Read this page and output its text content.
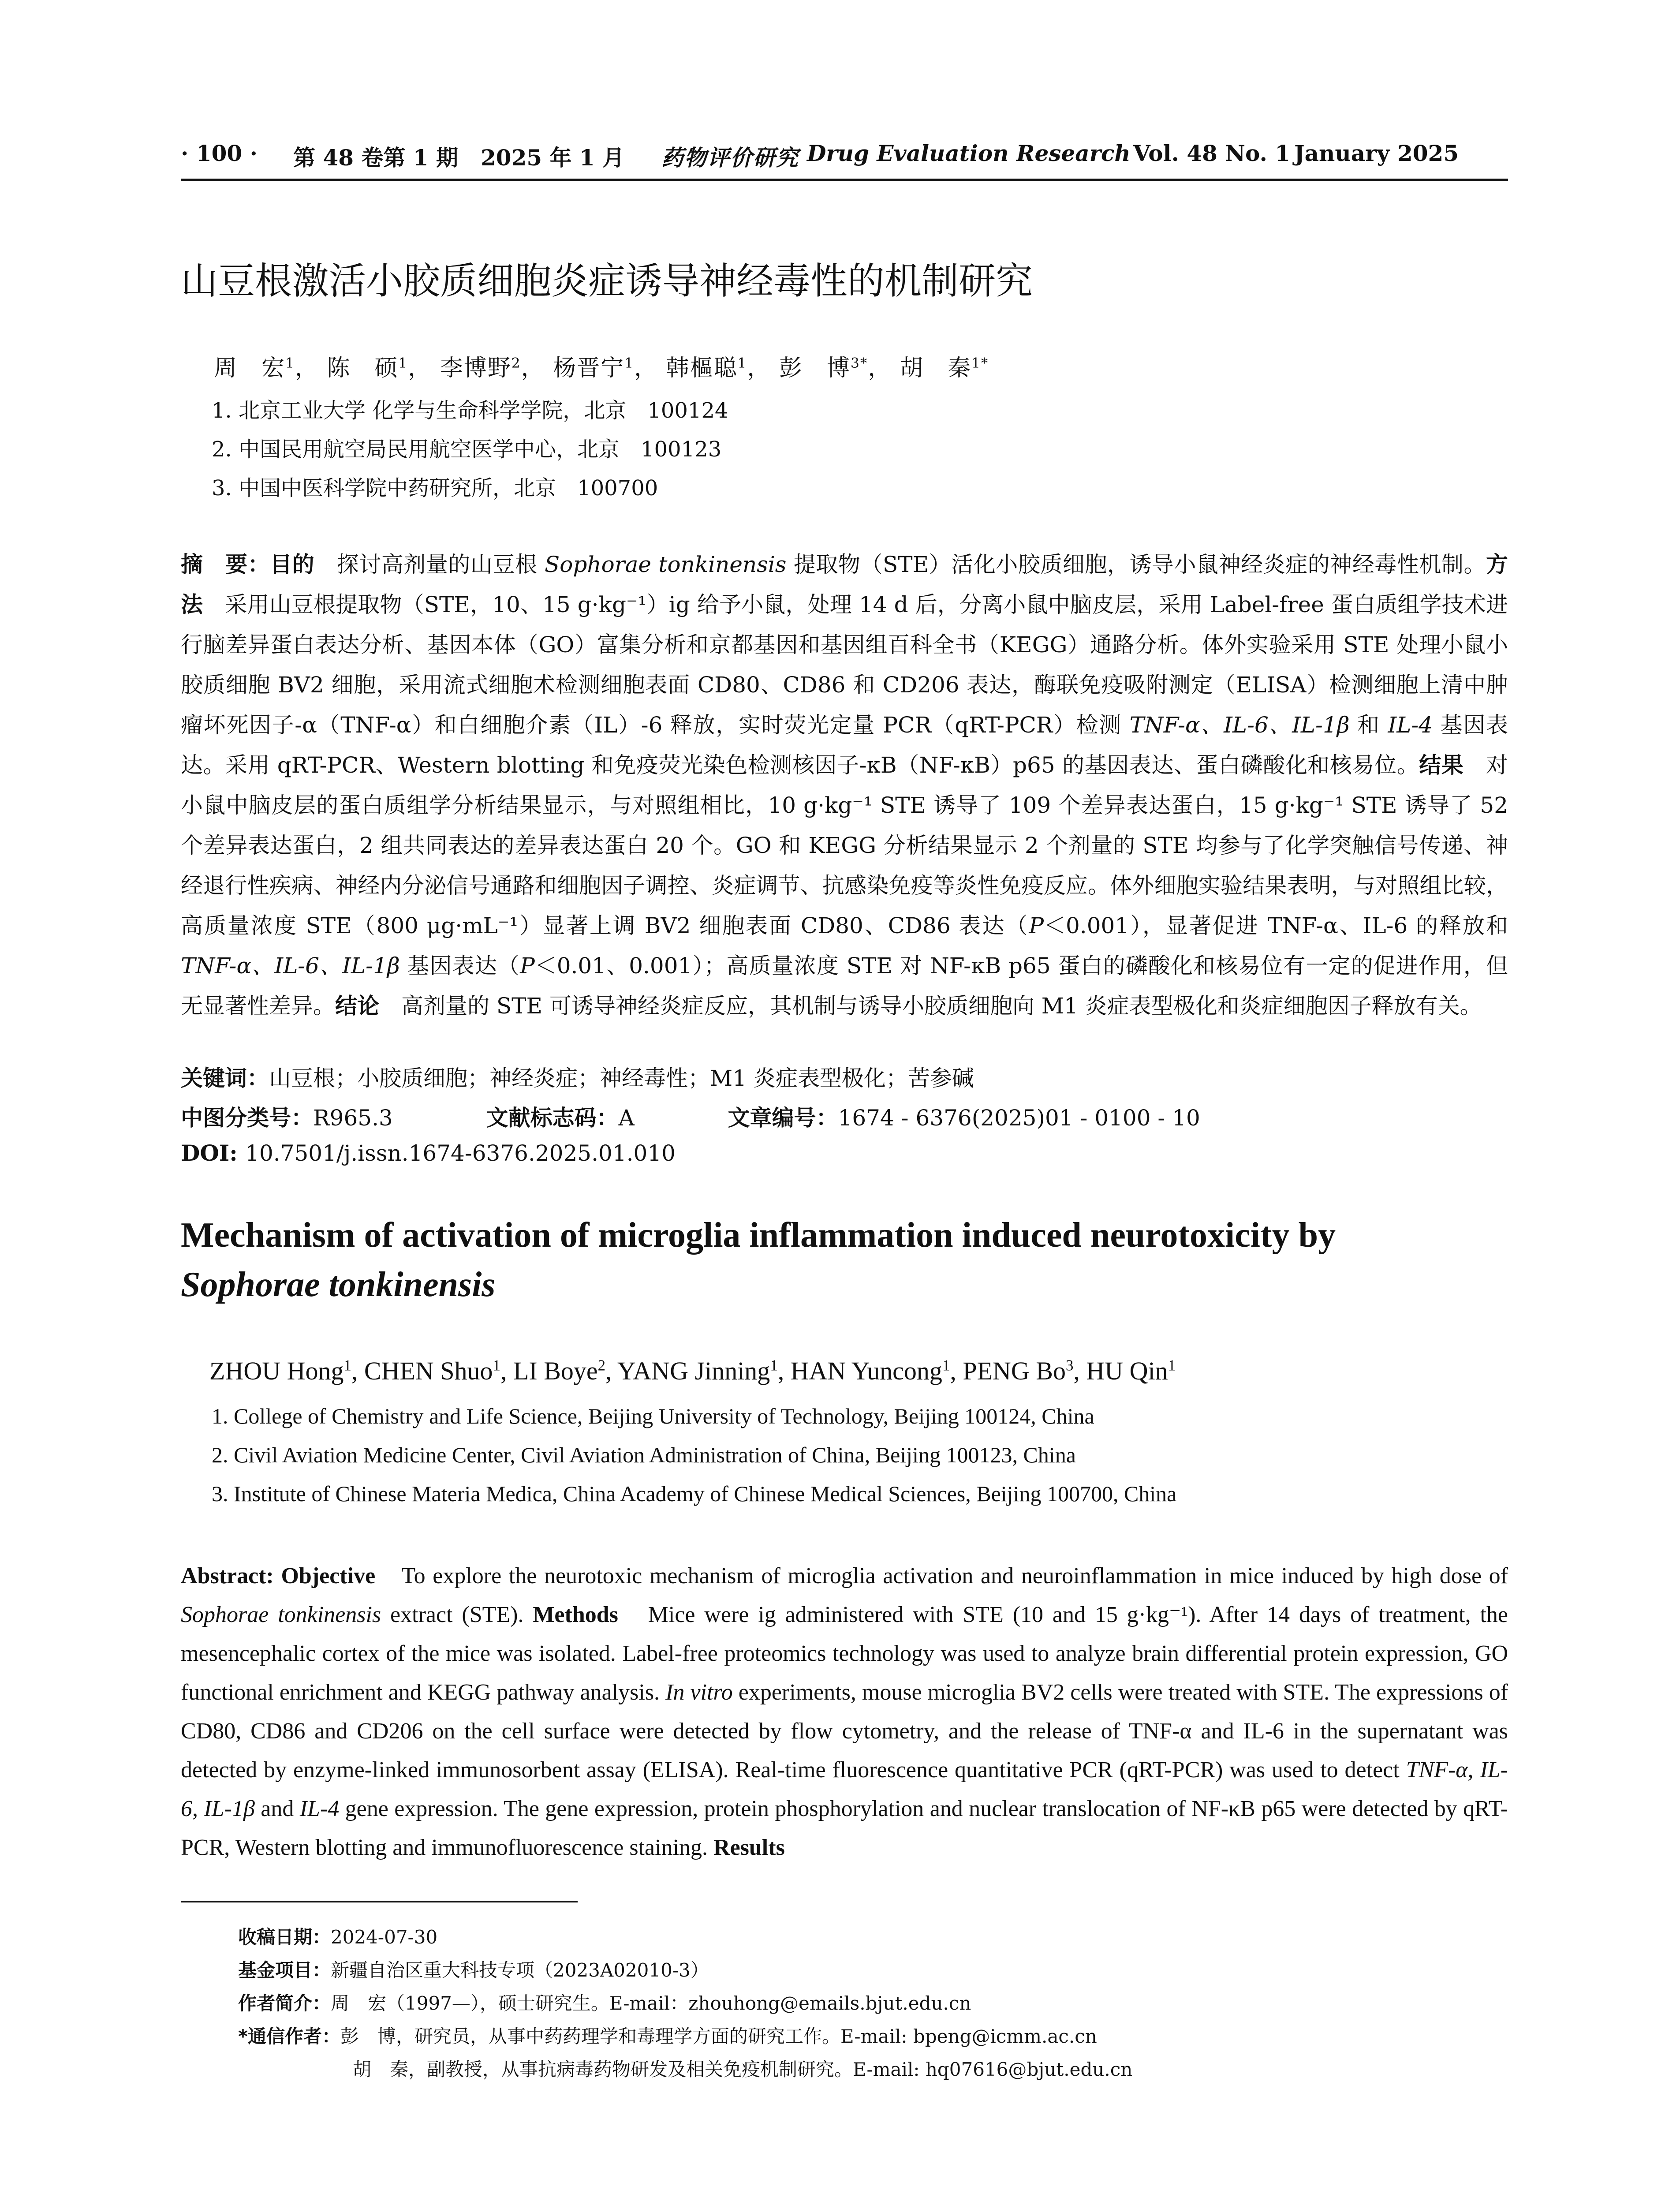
· 100 · 第 48 卷第 1 期 2025 年 1 月 药物评价研究 Drug Evaluation Research Vol. 48 No. 1 January 2025
山豆根激活小胶质细胞炎症诱导神经毒性的机制研究
周　宏$^1$， 陈　硕$^1$， 李博野$^2$， 杨晋宁$^1$， 韩樞聪$^1$， 彭　博$^{3*}$， 胡　秦$^{1*}$
1. 北京工业大学 化学与生命科学学院，北京　100124
2. 中国民用航空局民用航空医学中心，北京　100123
3. 中国中医科学院中药研究所，北京　100700
摘　要：目的　探讨高剂量的山豆根 Sophorae tonkinensis 提取物（STE）活化小胶质细胞，诱导小鼠神经炎症的神经毒性机制。方法　采用山豆根提取物（STE，10、15 g·kg⁻¹）ig 给予小鼠，处理 14 d 后，分离小鼠中脑皮层，采用 Label-free 蛋白质组学技术进行脑差异蛋白表达分析、基因本体（GO）富集分析和京都基因和基因组百科全书（KEGG）通路分析。体外实验采用 STE 处理小鼠小胶质细胞 BV2 细胞，采用流式细胞术检测细胞表面 CD80、CD86 和 CD206 表达，酶联免疫吸附测定（ELISA）检测细胞上清中肿瘤坏死因子-α（TNF-α）和白细胞介素（IL）-6 释放，实时荧光定量 PCR（qRT-PCR）检测 TNF-α、IL-6、IL-1β 和 IL-4 基因表达。采用 qRT-PCR、Western blotting 和免疫荧光染色检测核因子-κB（NF-κB）p65 的基因表达、蛋白磷酸化和核易位。结果　对小鼠中脑皮层的蛋白质组学分析结果显示，与对照组相比，10 g·kg⁻¹ STE 诱导了 109 个差异表达蛋白，15 g·kg⁻¹ STE 诱导了 52 个差异表达蛋白，2 组共同表达的差异表达蛋白 20 个。GO 和 KEGG 分析结果显示 2 个剂量的 STE 均参与了化学突触信号传递、神经退行性疾病、神经内分泌信号通路和细胞因子调控、炎症调节、抗感染免疫等炎性免疫反应。体外细胞实验结果表明，与对照组比较，高质量浓度 STE（800 μg·mL⁻¹）显著上调 BV2 细胞表面 CD80、CD86 表达（P＜0.001），显著促进 TNF-α、IL-6 的释放和 TNF-α、IL-6、IL-1β 基因表达（P＜0.01、0.001）；高质量浓度 STE 对 NF-κB p65 蛋白的磷酸化和核易位有一定的促进作用，但无显著性差异。结论　高剂量的 STE 可诱导神经炎症反应，其机制与诱导小胶质细胞向 M1 炎症表型极化和炎症细胞因子释放有关。
关键词：山豆根；小胶质细胞；神经炎症；神经毒性；M1 炎症表型极化；苦参碱
中图分类号：R965.3	文献标志码：A	文章编号：1674 - 6376(2025)01 - 0100 - 10
DOI: 10.7501/j.issn.1674-6376.2025.01.010
Mechanism of activation of microglia inflammation induced neurotoxicity by
Sophorae tonkinensis
ZHOU Hong$^1$, CHEN Shuo$^1$, LI Boye$^2$, YANG Jinning$^1$, HAN Yuncong$^1$, PENG Bo$^3$, HU Qin$^1$
1. College of Chemistry and Life Science, Beijing University of Technology, Beijing 100124, China
2. Civil Aviation Medicine Center, Civil Aviation Administration of China, Beijing 100123, China
3. Institute of Chinese Materia Medica, China Academy of Chinese Medical Sciences, Beijing 100700, China
Abstract: Objective　To explore the neurotoxic mechanism of microglia activation and neuroinflammation in mice induced by high dose of Sophorae tonkinensis extract (STE). Methods　Mice were ig administered with STE (10 and 15 g·kg⁻¹). After 14 days of treatment, the mesencephalic cortex of the mice was isolated. Label-free proteomics technology was used to analyze brain differential protein expression, GO functional enrichment and KEGG pathway analysis. In vitro experiments, mouse microglia BV2 cells were treated with STE. The expressions of CD80, CD86 and CD206 on the cell surface were detected by flow cytometry, and the release of TNF-α and IL-6 in the supernatant was detected by enzyme-linked immunosorbent assay (ELISA). Real-time fluorescence quantitative PCR (qRT-PCR) was used to detect TNF-α, IL-6, IL-1β and IL-4 gene expression. The gene expression, protein phosphorylation and nuclear translocation of NF-κB p65 were detected by qRT-PCR, Western blotting and immunofluorescence staining. Results
收稿日期：2024-07-30
基金项目：新疆自治区重大科技专项（2023A02010-3）
作者简介：周　宏（1997—），硕士研究生。E-mail：zhouhong@emails.bjut.edu.cn
*通信作者：彭　博，研究员，从事中药药理学和毒理学方面的研究工作。E-mail: bpeng@icmm.ac.cn
胡　秦，副教授，从事抗病毒药物研发及相关免疫机制研究。E-mail: hq07616@bjut.edu.cn
